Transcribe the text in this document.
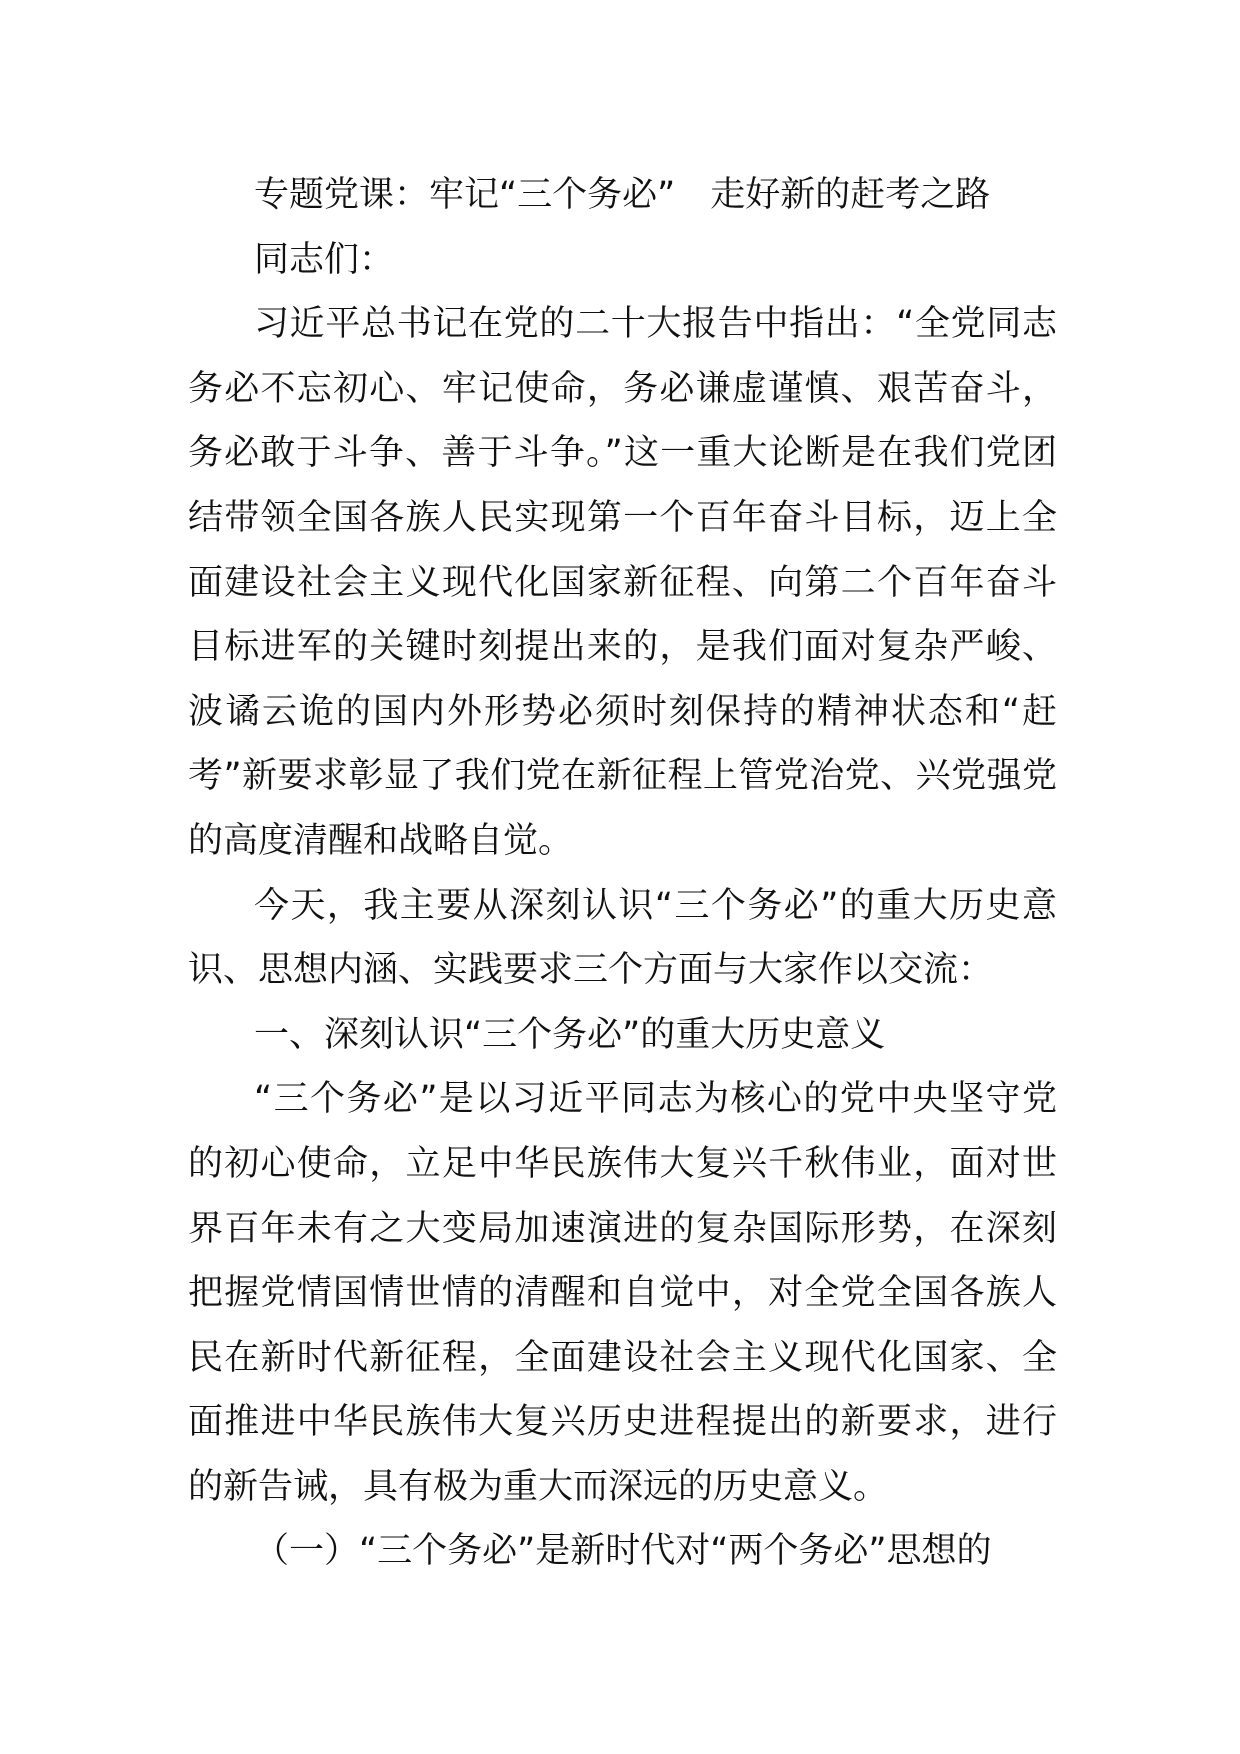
专题党课：牢记“三个务必”　走好新的赶考之路

同志们：

习近平总书记在党的二十大报告中指出：“全党同志务必不忘初心、牢记使命，务必谦虚谨慎、艰苦奋斗，务必敢于斗争、善于斗争。”这一重大论断是在我们党团结带领全国各族人民实现第一个百年奋斗目标，迈上全面建设社会主义现代化国家新征程、向第二个百年奋斗目标进军的关键时刻提出来的，是我们面对复杂严峻、波谲云诡的国内外形势必须时刻保持的精神状态和“赶考”新要求彰显了我们党在新征程上管党治党、兴党强党的高度清醒和战略自觉。

今天，我主要从深刻认识“三个务必”的重大历史意识、思想内涵、实践要求三个方面与大家作以交流：

一、深刻认识“三个务必”的重大历史意义

“三个务必”是以习近平同志为核心的党中央坚守党的初心使命，立足中华民族伟大复兴千秋伟业，面对世界百年未有之大变局加速演进的复杂国际形势，在深刻把握党情国情世情的清醒和自觉中，对全党全国各族人民在新时代新征程，全面建设社会主义现代化国家、全面推进中华民族伟大复兴历史进程提出的新要求，进行的新告诫，具有极为重大而深远的历史意义。

（一）“三个务必”是新时代对“两个务必”思想的
